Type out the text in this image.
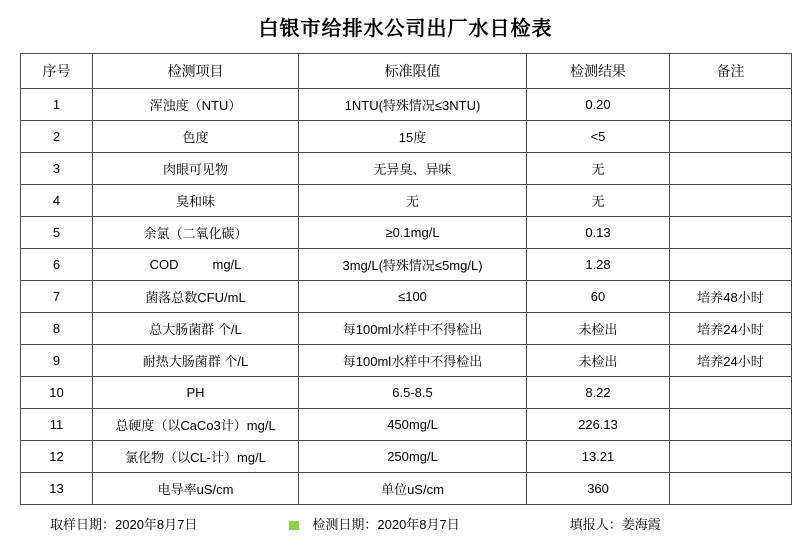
白银市给排水公司出厂水日检表
序号	检测项目	标准限值	检测结果	备注
1	浑浊度（NTU）	1NTU(特殊情况≤3NTU)	0.20	
2	色度	15度	<5	
3	肉眼可见物	无异臭、异味	无	
4	臭和味	无	无	
5	余氯（二氧化碳）	≥0.1mg/L	0.13	
6	COD mg/L	3mg/L(特殊情况≤5mg/L)	1.28	
7	菌落总数CFU/mL	≤100	60	培养48小时
8	总大肠菌群 个/L	每100ml水样中不得检出	未检出	培养24小时
9	耐热大肠菌群 个/L	每100ml水样中不得检出	未检出	培养24小时
10	PH	6.5-8.5	8.22	
11	总硬度（以CaCo3计）mg/L	450mg/L	226.13	
12	氯化物（以CL-计）mg/L	250mg/L	13.21	
13	电导率uS/cm	单位uS/cm	360	
取样日期：2020年8月7日	检测日期：2020年8月7日	填报人：姜海霞
